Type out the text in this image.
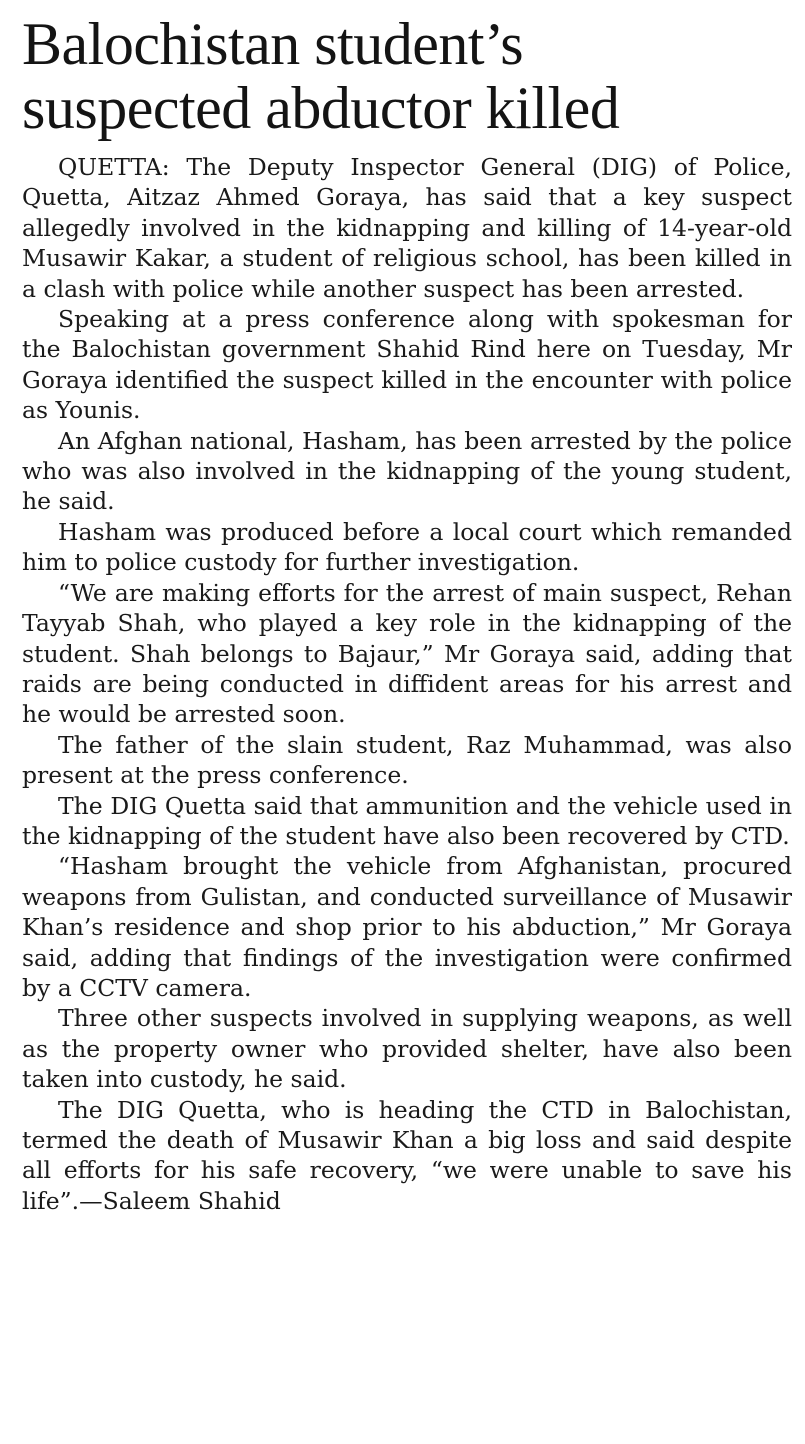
Balochistan student’s
suspected abductor killed

QUETTA: The Deputy Inspector General (DIG) of Police, Quetta, Aitzaz Ahmed Goraya, has said that a key suspect allegedly involved in the kidnapping and killing of 14-year-old Musawir Kakar, a student of religious school, has been killed in a clash with police while another suspect has been arrested.

Speaking at a press conference along with spokesman for the Balochistan government Shahid Rind here on Tuesday, Mr Goraya identified the suspect killed in the encounter with police as Younis.

An Afghan national, Hasham, has been arrested by the police who was also involved in the kidnapping of the young student, he said.

Hasham was produced before a local court which remanded him to police custody for further investigation.

“We are making efforts for the arrest of main suspect, Rehan Tayyab Shah, who played a key role in the kidnapping of the student. Shah belongs to Bajaur,” Mr Goraya said, adding that raids are being conducted in diffident areas for his arrest and he would be arrested soon.

The father of the slain student, Raz Muhammad, was also present at the press conference.

The DIG Quetta said that ammunition and the vehicle used in the kidnapping of the student have also been recovered by CTD.

“Hasham brought the vehicle from Afghanistan, procured weapons from Gulistan, and conducted surveillance of Musawir Khan’s residence and shop prior to his abduction,” Mr Goraya said, adding that findings of the investigation were confirmed by a CCTV camera.

Three other suspects involved in supplying weapons, as well as the property owner who provided shelter, have also been taken into custody, he said.

The DIG Quetta, who is heading the CTD in Balochistan, termed the death of Musawir Khan a big loss and said despite all efforts for his safe recovery, “we were unable to save his life”.—Saleem Shahid
